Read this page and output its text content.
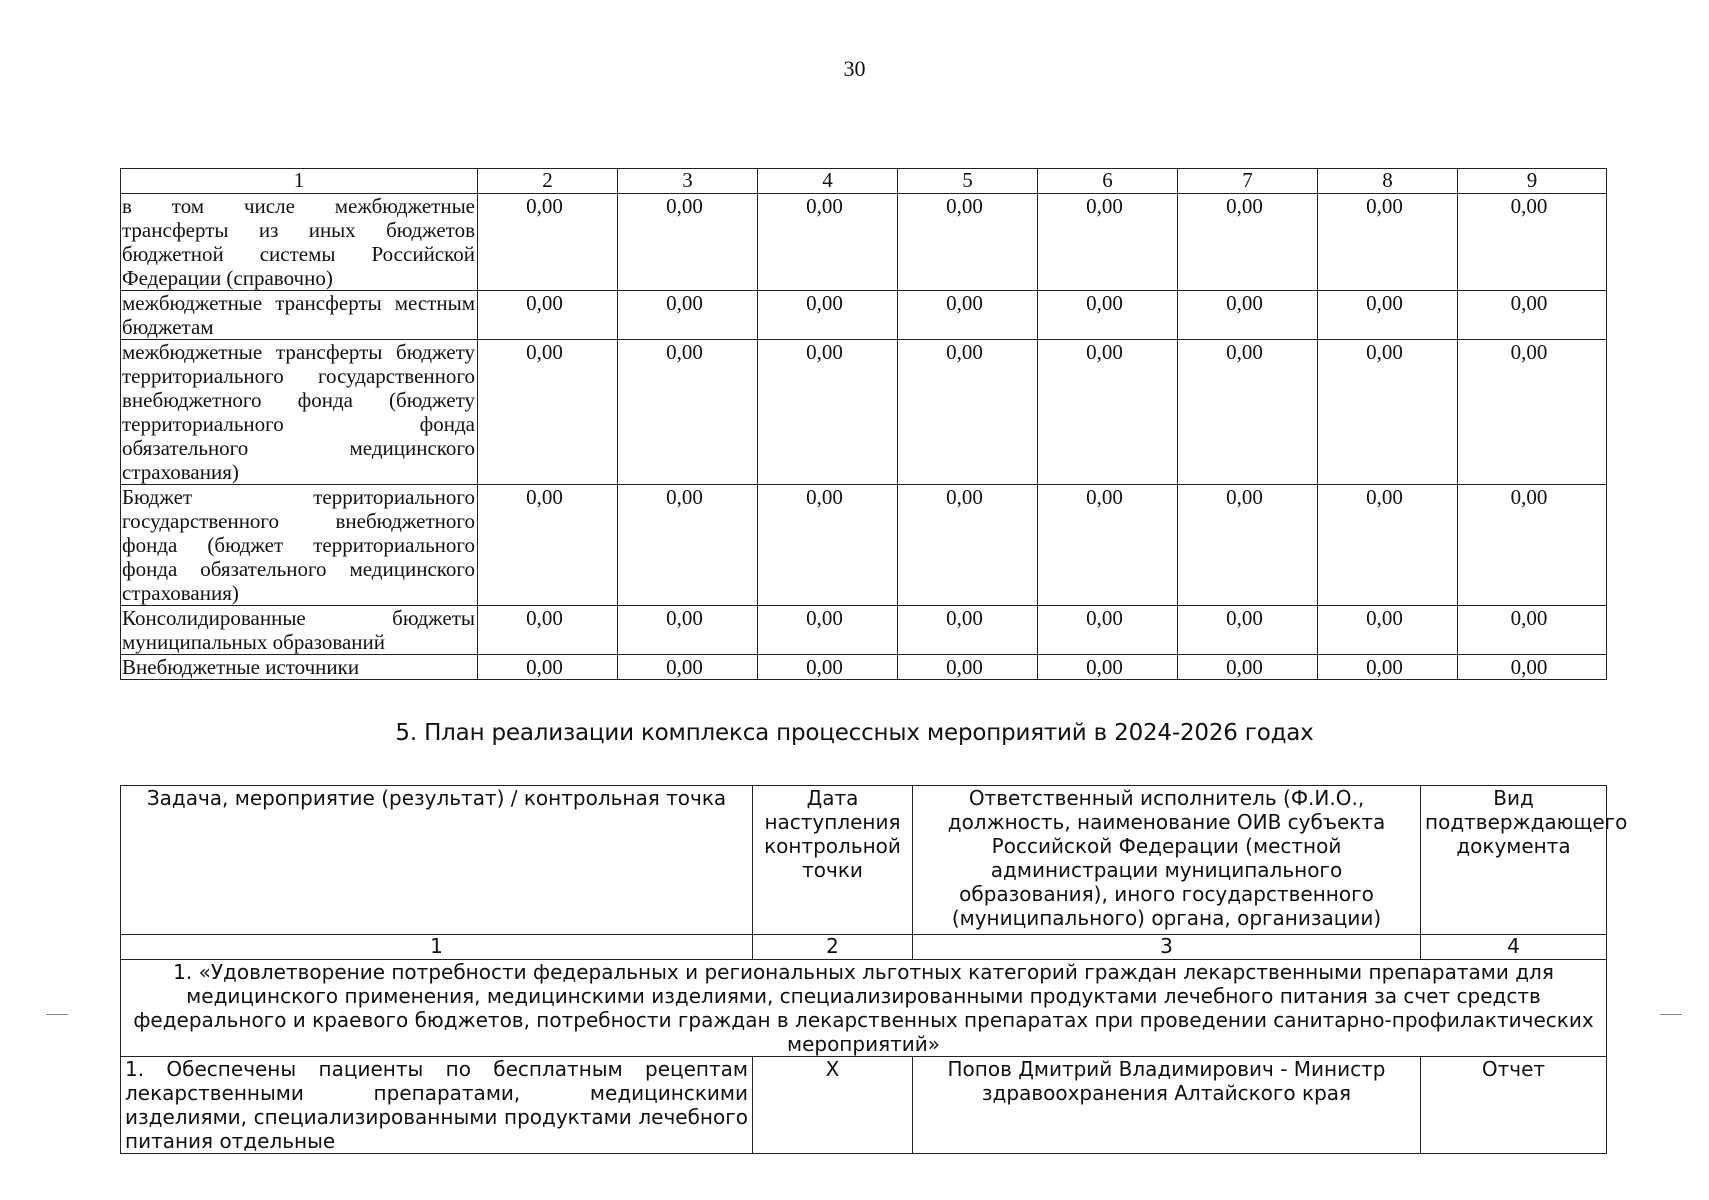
30
1	2	3	4	5	6	7	8	9
в том числе межбюджетные трансферты из иных бюджетов бюджетной системы Российской Федерации (справочно)	0,00	0,00	0,00	0,00	0,00	0,00	0,00	0,00
межбюджетные трансферты местным бюджетам	0,00	0,00	0,00	0,00	0,00	0,00	0,00	0,00
межбюджетные трансферты бюджету территориального государственного внебюджетного фонда (бюджету территориального фонда обязательного медицинского страхования)	0,00	0,00	0,00	0,00	0,00	0,00	0,00	0,00
Бюджет территориального государственного внебюджетного фонда (бюджет территориального фонда обязательного медицинского страхования)	0,00	0,00	0,00	0,00	0,00	0,00	0,00	0,00
Консолидированные бюджеты муниципальных образований	0,00	0,00	0,00	0,00	0,00	0,00	0,00	0,00
Внебюджетные источники	0,00	0,00	0,00	0,00	0,00	0,00	0,00	0,00
5. План реализации комплекса процессных мероприятий в 2024-2026 годах
Задача, мероприятие (результат) / контрольная точка	Дата наступления контрольной точки	Ответственный исполнитель (Ф.И.О., должность, наименование ОИВ субъекта Российской Федерации (местной администрации муниципального образования), иного государственного (муниципального) органа, организации)	Вид подтверждающего документа
1	2	3	4
1. «Удовлетворение потребности федеральных и региональных льготных категорий граждан лекарственными препаратами для медицинского применения, медицинскими изделиями, специализированными продуктами лечебного питания за счет средств федерального и краевого бюджетов, потребности граждан в лекарственных препаратах при проведении санитарно-профилактических мероприятий»			
1. Обеспечены пациенты по бесплатным рецептам лекарственными препаратами, медицинскими изделиями, специализированными продуктами лечебного питания отдельные	X	Попов Дмитрий Владимирович - Министр здравоохранения Алтайского края	Отчет
